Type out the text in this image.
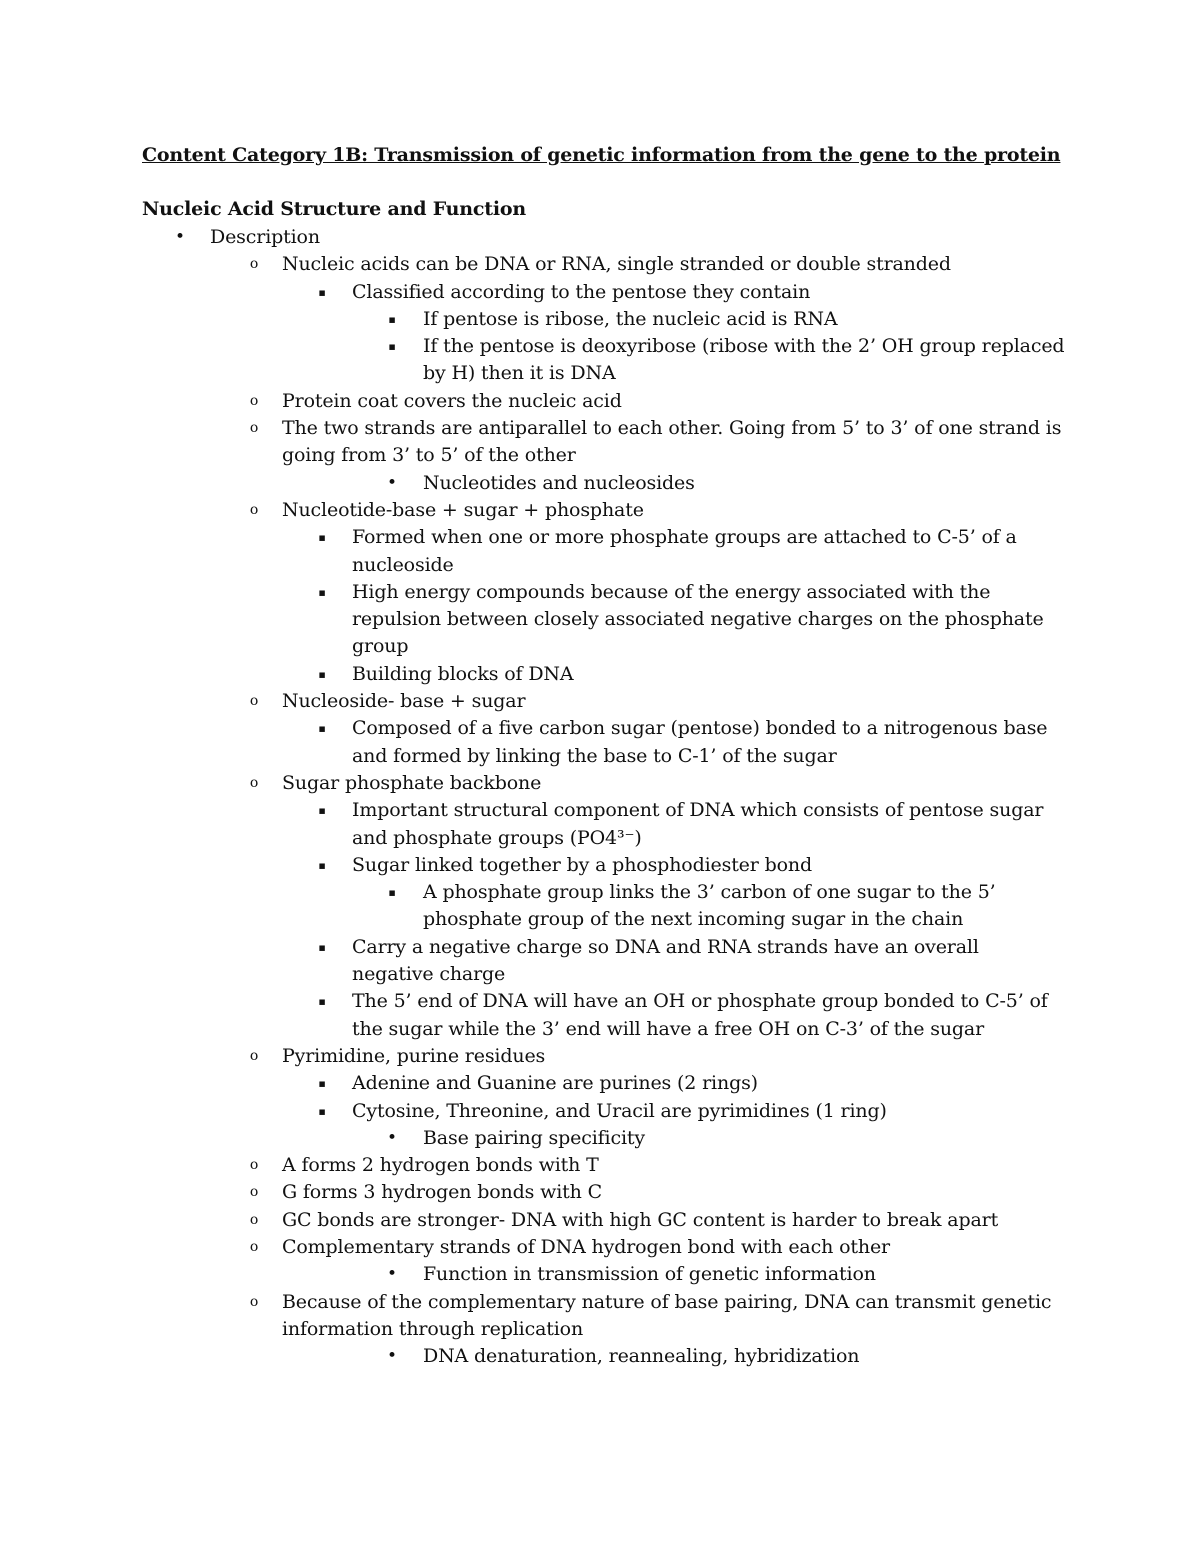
Content Category 1B: Transmission of genetic information from the gene to the protein
Nucleic Acid Structure and Function
• Description
o	Nucleic acids can be DNA or RNA, single stranded or double stranded
▪	Classified according to the pentose they contain
▪	If pentose is ribose, the nucleic acid is RNA
▪	If the pentose is deoxyribose (ribose with the 2’ OH group replaced by H) then it is DNA
o	Protein coat covers the nucleic acid
o	The two strands are antiparallel to each other. Going from 5’ to 3’ of one strand is going from 3’ to 5’ of the other
• Nucleotides and nucleosides
o	Nucleotide-base + sugar + phosphate
▪	Formed when one or more phosphate groups are attached to C-5’ of a nucleoside
▪	High energy compounds because of the energy associated with the repulsion between closely associated negative charges on the phosphate group
▪	Building blocks of DNA
o	Nucleoside- base + sugar
▪	Composed of a five carbon sugar (pentose) bonded to a nitrogenous base and formed by linking the base to C-1’ of the sugar
o	Sugar phosphate backbone
▪	Important structural component of DNA which consists of pentose sugar and phosphate groups (PO4³⁻)
▪	Sugar linked together by a phosphodiester bond
▪	A phosphate group links the 3’ carbon of one sugar to the 5’ phosphate group of the next incoming sugar in the chain
▪	Carry a negative charge so DNA and RNA strands have an overall negative charge
▪	The 5’ end of DNA will have an OH or phosphate group bonded to C-5’ of the sugar while the 3’ end will have a free OH on C-3’ of the sugar
o	Pyrimidine, purine residues
▪	Adenine and Guanine are purines (2 rings)
▪	Cytosine, Threonine, and Uracil are pyrimidines (1 ring)
• Base pairing specificity
o	A forms 2 hydrogen bonds with T
o	G forms 3 hydrogen bonds with C
o	GC bonds are stronger- DNA with high GC content is harder to break apart
o	Complementary strands of DNA hydrogen bond with each other
• Function in transmission of genetic information
o	Because of the complementary nature of base pairing, DNA can transmit genetic information through replication
• DNA denaturation, reannealing, hybridization
